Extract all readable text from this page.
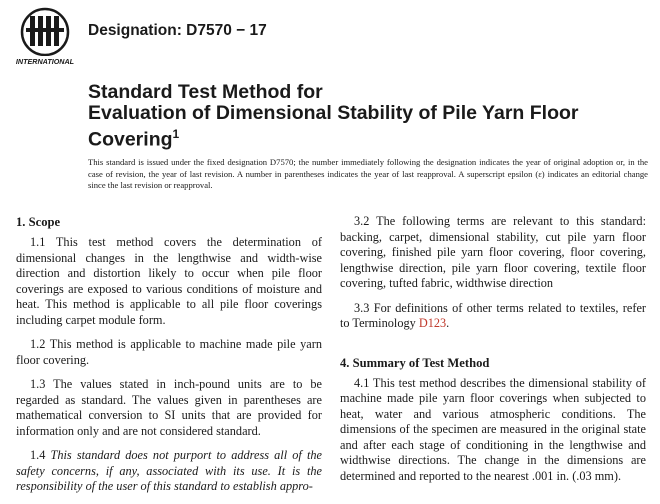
INTERNATIONAL
Designation: D7570 − 17
Standard Test Method for
Evaluation of Dimensional Stability of Pile Yarn Floor
Covering$^1$

This standard is issued under the fixed designation D7570; the number immediately following the designation indicates the year of original adoption or, in the case of revision, the year of last revision. A number in parentheses indicates the year of last reapproval. A superscript epsilon (ε) indicates an editorial change since the last revision or reapproval.

1. Scope

1.1 This test method covers the determination of dimensional changes in the lengthwise and width-wise direction and distortion likely to occur when pile floor coverings are exposed to various conditions of moisture and heat. This method is applicable to all pile floor coverings including carpet module form.

1.2 This method is applicable to machine made pile yarn floor covering.

1.3 The values stated in inch-pound units are to be regarded as standard. The values given in parentheses are mathematical conversion to SI units that are provided for information only and are not considered standard.

1.4 This standard does not purport to address all of the safety concerns, if any, associated with its use. It is the responsibility of the user of this standard to establish appro-

3.2 The following terms are relevant to this standard: backing, carpet, dimensional stability, cut pile yarn floor covering, finished pile yarn floor covering, floor covering, lengthwise direction, pile yarn floor covering, textile floor covering, tufted fabric, widthwise direction

3.3 For definitions of other terms related to textiles, refer to Terminology D123.

4. Summary of Test Method

4.1 This test method describes the dimensional stability of machine made pile yarn floor coverings when subjected to heat, water and various atmospheric conditions. The dimensions of the specimen are measured in the original state and after each stage of conditioning in the lengthwise and widthwise directions. The change in the dimensions are determined and reported to the nearest .001 in. (.03 mm).
